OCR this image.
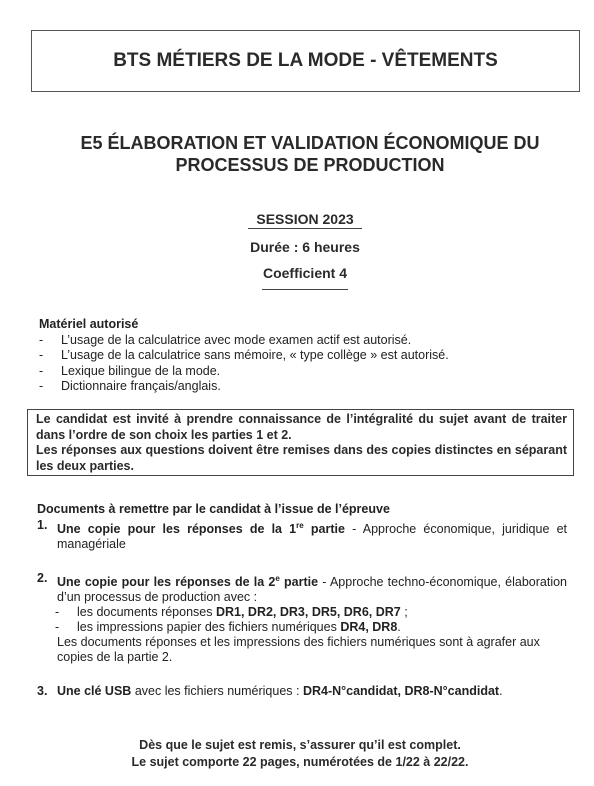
BTS MÉTIERS DE LA MODE - VÊTEMENTS
E5 ÉLABORATION ET VALIDATION ÉCONOMIQUE DU
PROCESSUS DE PRODUCTION
SESSION 2023
Durée : 6 heures
Coefficient 4
Matériel autorisé
-	L’usage de la calculatrice avec mode examen actif est autorisé.
-	L’usage de la calculatrice sans mémoire, « type collège » est autorisé.
-	Lexique bilingue de la mode.
-	Dictionnaire français/anglais.
Le candidat est invité à prendre connaissance de l’intégralité du sujet avant de traiter dans l’ordre de son choix les parties 1 et 2.
Les réponses aux questions doivent être remises dans des copies distinctes en séparant les deux parties.
Documents à remettre par le candidat à l’issue de l’épreuve
1. Une copie pour les réponses de la 1re partie - Approche économique, juridique et managériale
2. Une copie pour les réponses de la 2e partie - Approche techno-économique, élaboration d’un processus de production avec :
-	les documents réponses DR1, DR2, DR3, DR5, DR6, DR7 ;
-	les impressions papier des fichiers numériques DR4, DR8.
Les documents réponses et les impressions des fichiers numériques sont à agrafer aux copies de la partie 2.
3. Une clé USB avec les fichiers numériques : DR4-N°candidat, DR8-N°candidat.
Dès que le sujet est remis, s’assurer qu’il est complet.
Le sujet comporte 22 pages, numérotées de 1/22 à 22/22.
